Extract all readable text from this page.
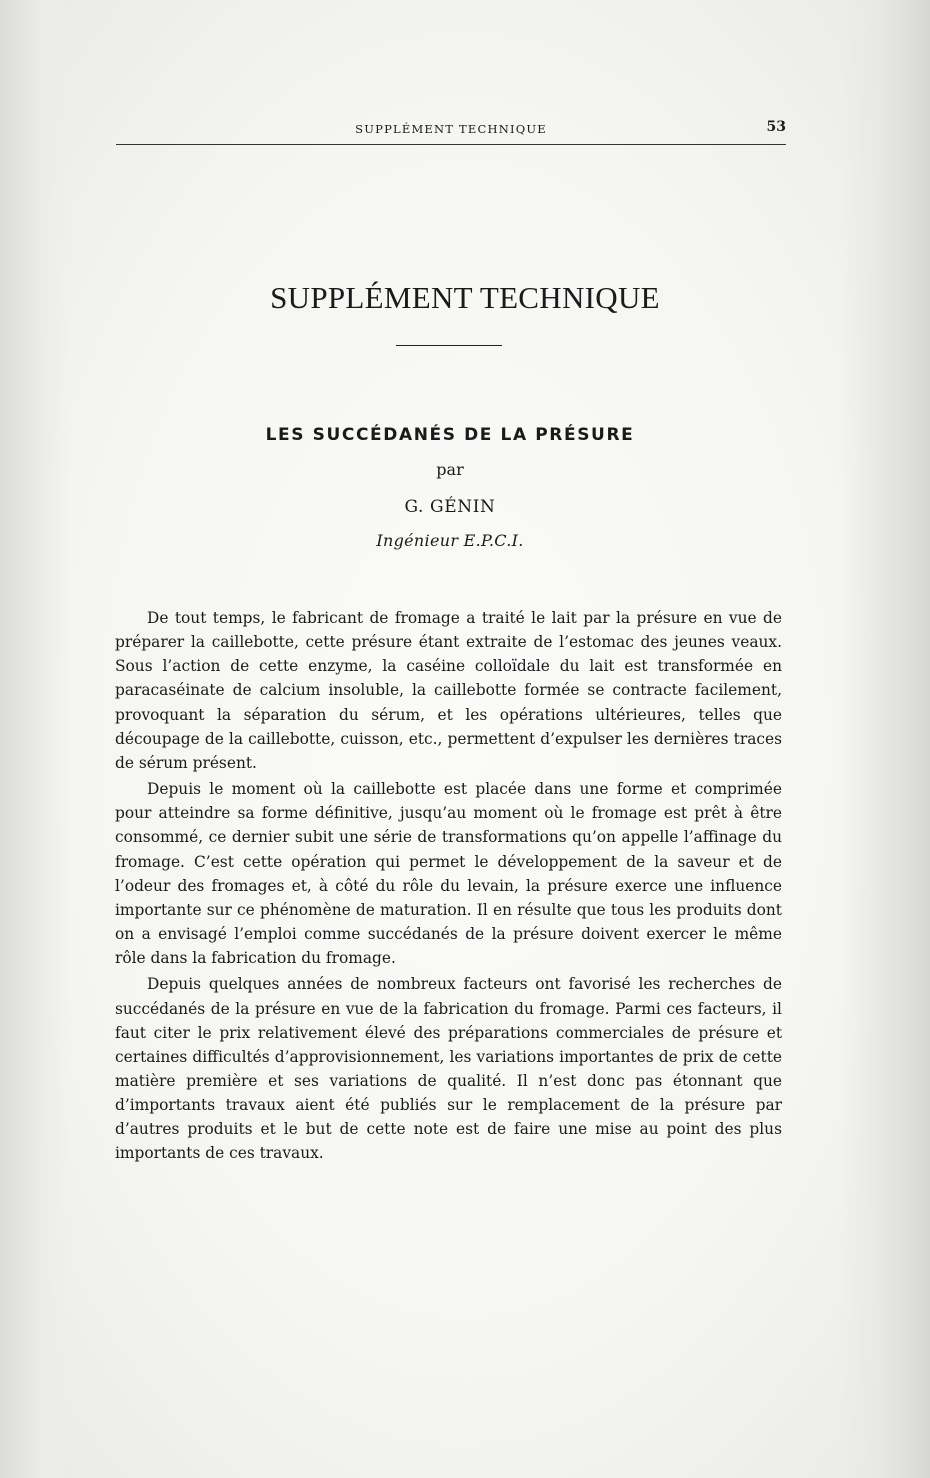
SUPPLÉMENT TECHNIQUE	53
SUPPLÉMENT TECHNIQUE
LES SUCCÉDANÉS DE LA PRÉSURE
par
G. GÉNIN
Ingénieur E.P.C.I.

De tout temps, le fabricant de fromage a traité le lait par la présure en vue de préparer la caillebotte, cette présure étant extraite de l’estomac des jeunes veaux. Sous l’action de cette enzyme, la caséine colloïdale du lait est transformée en paracaséinate de calcium insoluble, la caillebotte formée se contracte facilement, provoquant la séparation du sérum, et les opérations ultérieures, telles que découpage de la caillebotte, cuisson, etc., permettent d’expulser les dernières traces de sérum présent.

Depuis le moment où la caillebotte est placée dans une forme et comprimée pour atteindre sa forme définitive, jusqu’au moment où le fromage est prêt à être consommé, ce dernier subit une série de transformations qu’on appelle l’affinage du fromage. C’est cette opération qui permet le développement de la saveur et de l’odeur des fromages et, à côté du rôle du levain, la présure exerce une influence importante sur ce phénomène de maturation. Il en résulte que tous les produits dont on a envisagé l’emploi comme succédanés de la présure doivent exercer le même rôle dans la fabrication du fromage.

Depuis quelques années de nombreux facteurs ont favorisé les recherches de succédanés de la présure en vue de la fabrication du fromage. Parmi ces facteurs, il faut citer le prix relativement élevé des préparations commerciales de présure et certaines difficultés d’approvisionnement, les variations importantes de prix de cette matière première et ses variations de qualité. Il n’est donc pas étonnant que d’importants travaux aient été publiés sur le remplacement de la présure par d’autres produits et le but de cette note est de faire une mise au point des plus importants de ces travaux.
